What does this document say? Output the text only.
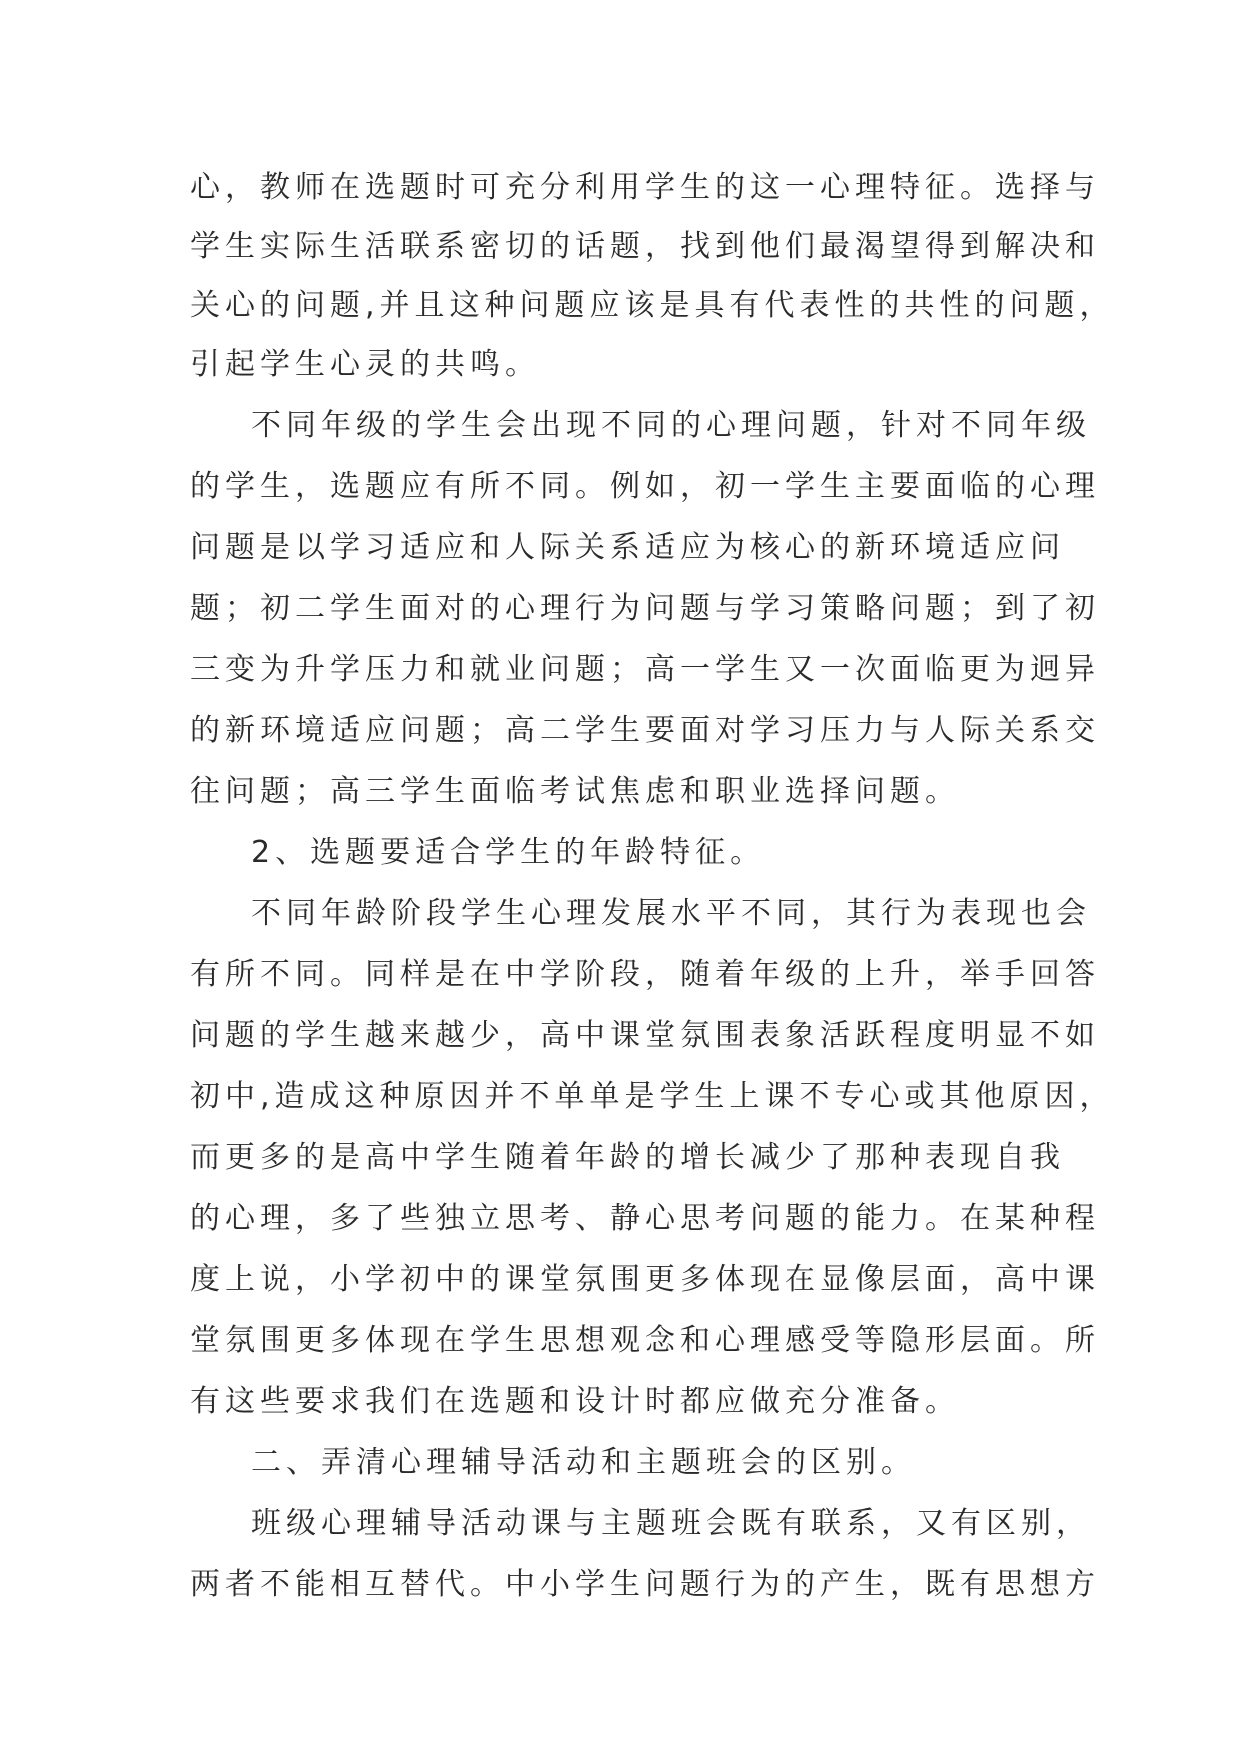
心，教师在选题时可充分利用学生的这一心理特征。选择与
学生实际生活联系密切的话题，找到他们最渴望得到解决和
关心的问题,并且这种问题应该是具有代表性的共性的问题，
引起学生心灵的共鸣。
不同年级的学生会出现不同的心理问题，针对不同年级
的学生，选题应有所不同。例如，初一学生主要面临的心理
问题是以学习适应和人际关系适应为核心的新环境适应问
题；初二学生面对的心理行为问题与学习策略问题；到了初
三变为升学压力和就业问题；高一学生又一次面临更为迥异
的新环境适应问题；高二学生要面对学习压力与人际关系交
往问题；高三学生面临考试焦虑和职业选择问题。
2、选题要适合学生的年龄特征。
不同年龄阶段学生心理发展水平不同，其行为表现也会
有所不同。同样是在中学阶段，随着年级的上升，举手回答
问题的学生越来越少，高中课堂氛围表象活跃程度明显不如
初中,造成这种原因并不单单是学生上课不专心或其他原因，
而更多的是高中学生随着年龄的增长减少了那种表现自我
的心理，多了些独立思考、静心思考问题的能力。在某种程
度上说，小学初中的课堂氛围更多体现在显像层面，高中课
堂氛围更多体现在学生思想观念和心理感受等隐形层面。所
有这些要求我们在选题和设计时都应做充分准备。
二、弄清心理辅导活动和主题班会的区别。
班级心理辅导活动课与主题班会既有联系，又有区别，
两者不能相互替代。中小学生问题行为的产生，既有思想方
